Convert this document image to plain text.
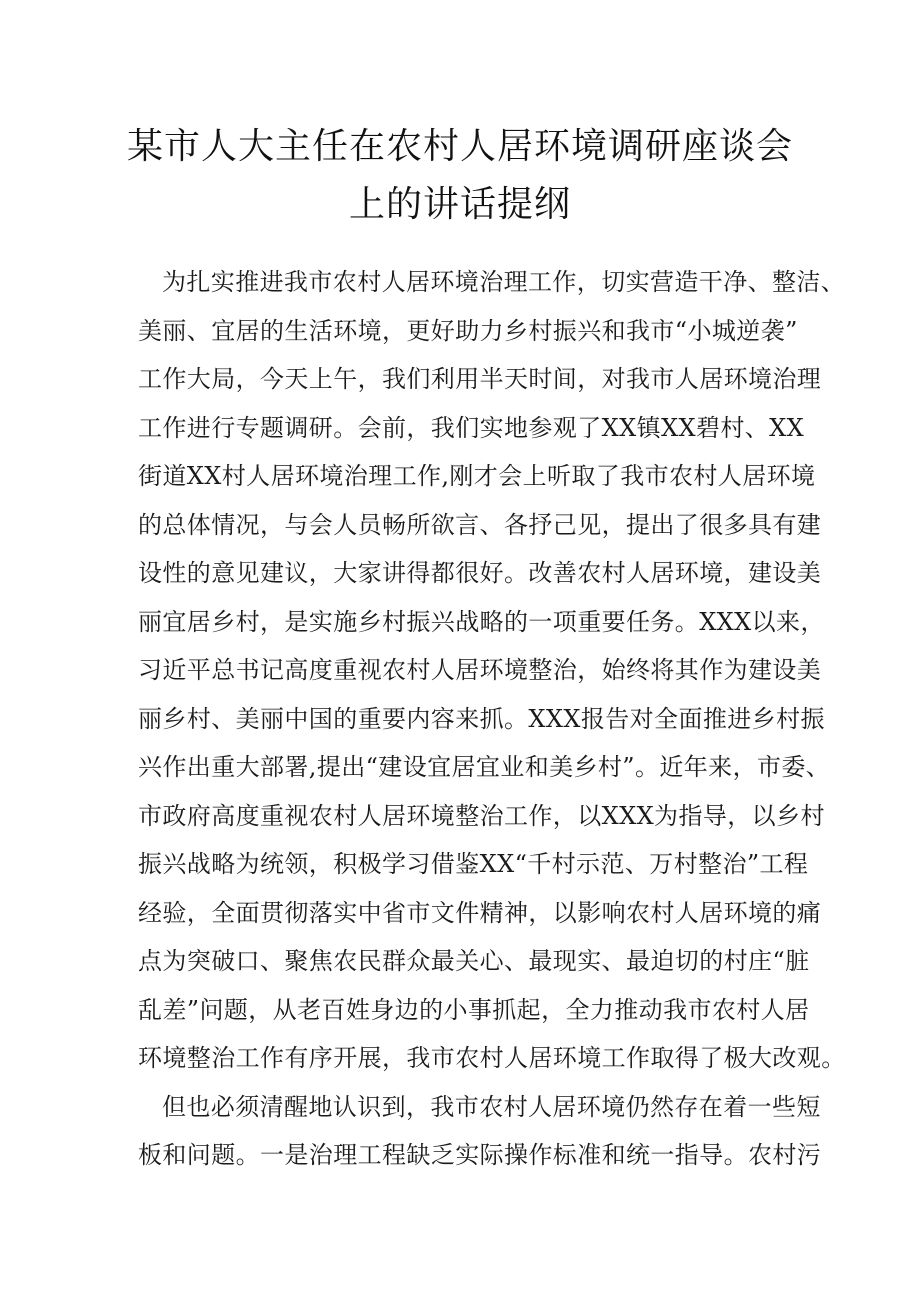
某市人大主任在农村人居环境调研座谈会
上的讲话提纲
为扎实推进我市农村人居环境治理工作，切实营造干净、整洁、
美丽、宜居的生活环境，更好助力乡村振兴和我市“小城逆袭”
工作大局，今天上午，我们利用半天时间，对我市人居环境治理
工作进行专题调研。会前，我们实地参观了XX镇XX碧村、XX
街道XX村人居环境治理工作,刚才会上听取了我市农村人居环境
的总体情况，与会人员畅所欲言、各抒己见，提出了很多具有建
设性的意见建议，大家讲得都很好。改善农村人居环境，建设美
丽宜居乡村，是实施乡村振兴战略的一项重要任务。XXX以来，
习近平总书记高度重视农村人居环境整治，始终将其作为建设美
丽乡村、美丽中国的重要内容来抓。XXX报告对全面推进乡村振
兴作出重大部署,提出“建设宜居宜业和美乡村”。近年来，市委、
市政府高度重视农村人居环境整治工作，以XXX为指导，以乡村
振兴战略为统领，积极学习借鉴XX“千村示范、万村整治”工程
经验，全面贯彻落实中省市文件精神，以影响农村人居环境的痛
点为突破口、聚焦农民群众最关心、最现实、最迫切的村庄“脏
乱差”问题，从老百姓身边的小事抓起，全力推动我市农村人居
环境整治工作有序开展，我市农村人居环境工作取得了极大改观。
但也必须清醒地认识到，我市农村人居环境仍然存在着一些短
板和问题。一是治理工程缺乏实际操作标准和统一指导。农村污
